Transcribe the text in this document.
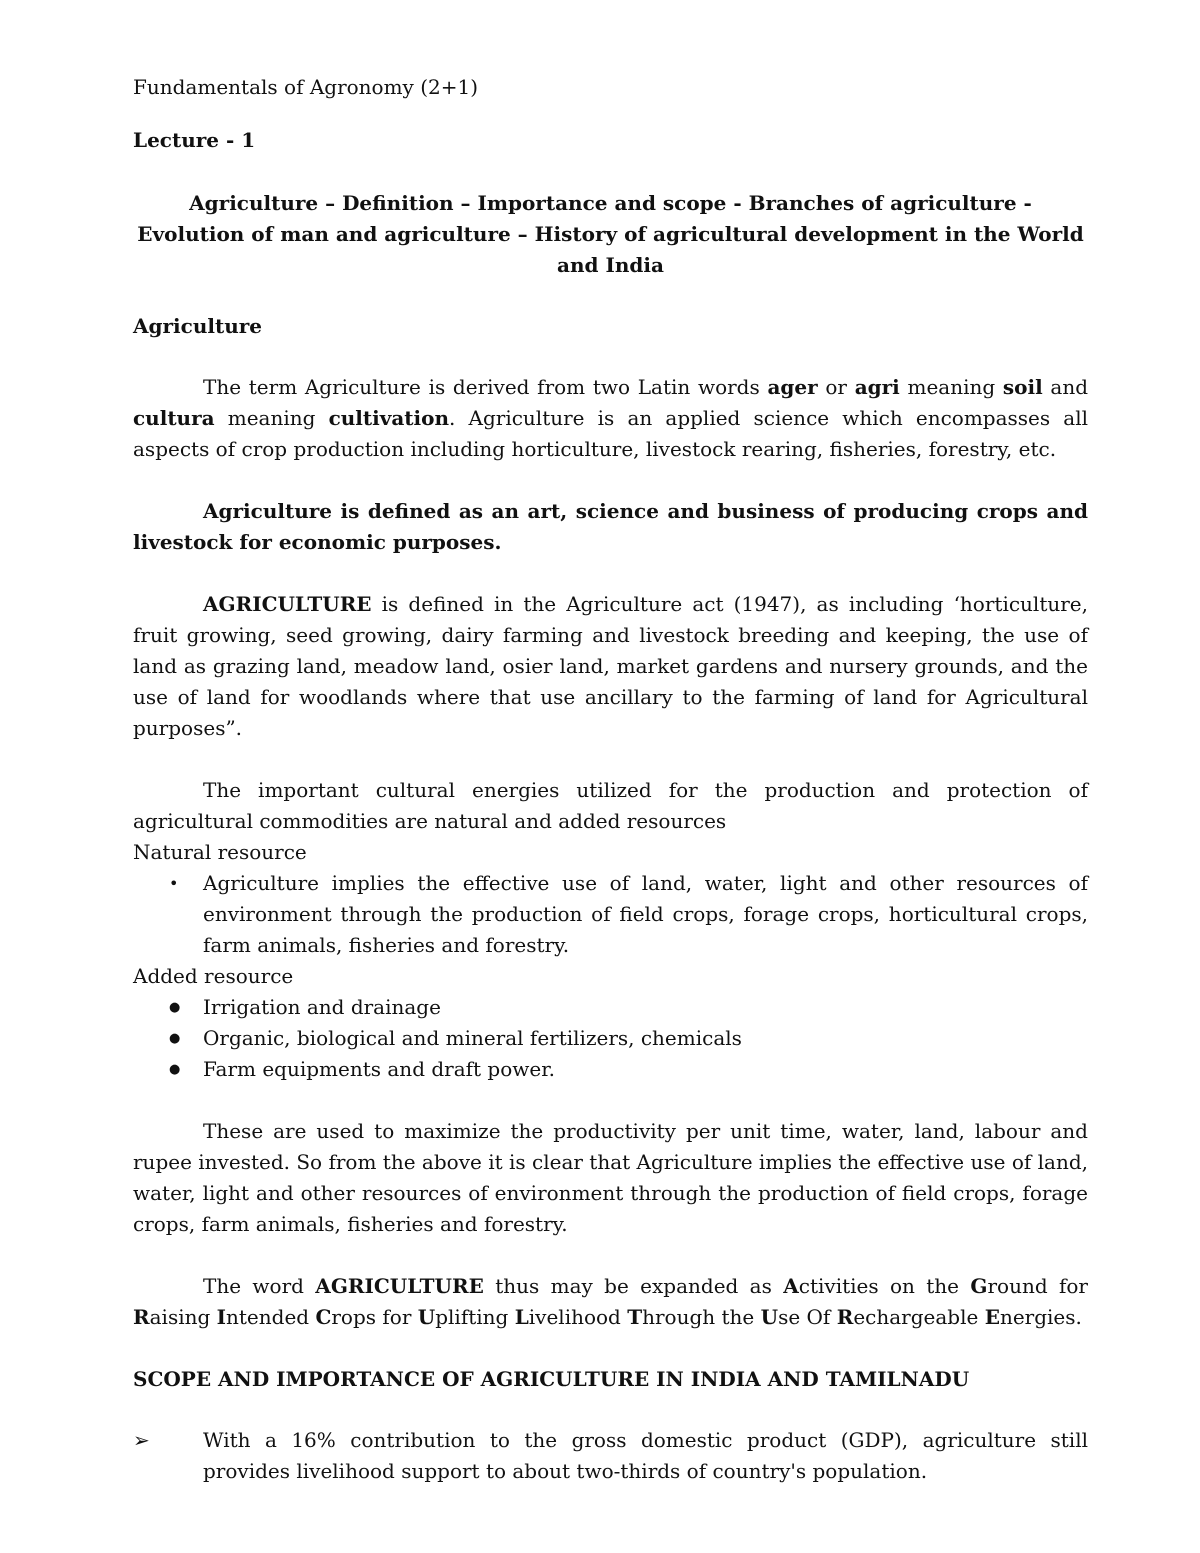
Fundamentals of Agronomy (2+1)

Lecture - 1

Agriculture – Definition – Importance and scope - Branches of agriculture - Evolution of man and agriculture – History of agricultural development in the World and India

Agriculture

The term Agriculture is derived from two Latin words ager or agri meaning soil and cultura meaning cultivation. Agriculture is an applied science which encompasses all aspects of crop production including horticulture, livestock rearing, fisheries, forestry, etc.

Agriculture is defined as an art, science and business of producing crops and livestock for economic purposes.

AGRICULTURE is defined in the Agriculture act (1947), as including ‘horticulture, fruit growing, seed growing, dairy farming and livestock breeding and keeping, the use of land as grazing land, meadow land, osier land, market gardens and nursery grounds, and the use of land for woodlands where that use ancillary to the farming of land for Agricultural purposes”.

The important cultural energies utilized for the production and protection of agricultural commodities are natural and added resources

Natural resource

• Agriculture implies the effective use of land, water, light and other resources of environment through the production of field crops, forage crops, horticultural crops, farm animals, fisheries and forestry.

Added resource

● Irrigation and drainage
● Organic, biological and mineral fertilizers, chemicals
● Farm equipments and draft power.

These are used to maximize the productivity per unit time, water, land, labour and rupee invested. So from the above it is clear that Agriculture implies the effective use of land, water, light and other resources of environment through the production of field crops, forage crops, farm animals, fisheries and forestry.

The word AGRICULTURE thus may be expanded as Activities on the Ground for Raising Intended Crops for Uplifting Livelihood Through the Use Of Rechargeable Energies.

SCOPE AND IMPORTANCE OF AGRICULTURE IN INDIA AND TAMILNADU

➢ With a 16% contribution to the gross domestic product (GDP), agriculture still provides livelihood support to about two-thirds of country's population.
